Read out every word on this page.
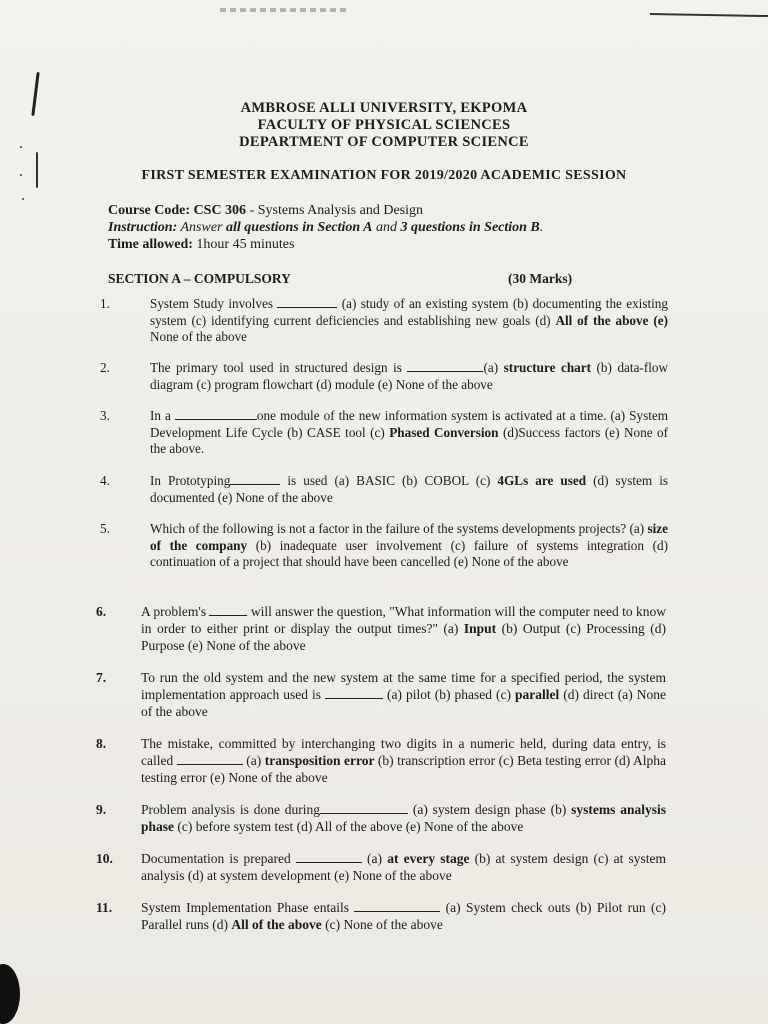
AMBROSE ALLI UNIVERSITY, EKPOMA
FACULTY OF PHYSICAL SCIENCES
DEPARTMENT OF COMPUTER SCIENCE
FIRST SEMESTER EXAMINATION FOR 2019/2020 ACADEMIC SESSION
Course Code: CSC 306 - Systems Analysis and Design
Instruction: Answer all questions in Section A and 3 questions in Section B.
Time allowed: 1hour 45 minutes
SECTION A – COMPULSORY	(30 Marks)
1.	System Study involves	(a) study of an existing system (b) documenting the existing system (c) identifying current deficiencies and establishing new goals (d) All of the above (e) None of the above
2.	The primary tool used in structured design is	(a) structure chart (b) data-flow diagram (c) program flowchart (d) module (e) None of the above
3.	In a	one module of the new information system is activated at a time. (a) System Development Life Cycle (b) CASE tool (c) Phased Conversion (d)Success factors (e) None of the above.
4.	In Prototyping	is used (a) BASIC (b) COBOL (c) 4GLs are used (d) system is documented (e) None of the above
5.	Which of the following is not a factor in the failure of the systems developments projects? (a) size of the company (b) inadequate user involvement (c) failure of systems integration (d) continuation of a project that should have been cancelled (e) None of the above
6.	A problem's	will answer the question, "What information will the computer need to know in order to either print or display the output times?" (a) Input (b) Output (c) Processing (d) Purpose (e) None of the above
7.	To run the old system and the new system at the same time for a specified period, the system implementation approach used is	(a) pilot (b) phased (c) parallel (d) direct (a) None of the above
8.	The mistake, committed by interchanging two digits in a numeric held, during data entry, is called	(a) transposition error (b) transcription error (c) Beta testing error (d) Alpha testing error (e) None of the above
9.	Problem analysis is done during	(a) system design phase (b) systems analysis phase (c) before system test (d) All of the above (e) None of the above
10.	Documentation is prepared	(a) at every stage (b) at system design (c) at system analysis (d) at system development (e) None of the above
11.	System Implementation Phase entails	(a) System check outs (b) Pilot run (c) Parallel runs (d) All of the above (c) None of the above
